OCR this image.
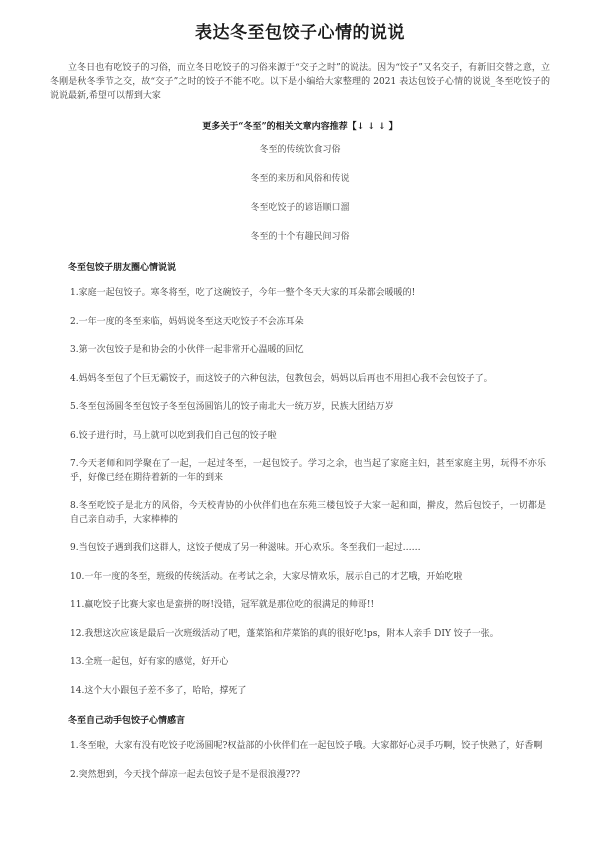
表达冬至包饺子心情的说说

立冬日也有吃饺子的习俗，而立冬日吃饺子的习俗来源于“交子之时”的说法。因为“饺子”又名交子，有新旧交替之意，立冬刚是秋冬季节之交，故“交子”之时的饺子不能不吃。以下是小编给大家整理的 2021 表达包饺子心情的说说_冬至吃饺子的说说最新,希望可以帮到大家

更多关于“冬至”的相关文章内容推荐【↓ ↓ ↓ 】

冬至的传统饮食习俗
冬至的来历和风俗和传说
冬至吃饺子的谚语顺口溜
冬至的十个有趣民间习俗
冬至包饺子朋友圈心情说说
1.家庭一起包饺子。寒冬将至，吃了这碗饺子，今年一整个冬天大家的耳朵都会暖暖的!
2.一年一度的冬至来临，妈妈说冬至这天吃饺子不会冻耳朵
3.第一次包饺子是和协会的小伙伴一起非常开心温暖的回忆
4.妈妈冬至包了个巨无霸饺子，而这饺子的六种包法，包教包会，妈妈以后再也不用担心我不会包饺子了。
5.冬至包汤圆冬至包饺子冬至包汤圆馅儿的饺子南北大一统万岁，民族大团结万岁
6.饺子进行时，马上就可以吃到我们自己包的饺子啦
7.今天老师和同学聚在了一起，一起过冬至，一起包饺子。学习之余，也当起了家庭主妇，甚至家庭主男，玩得不亦乐乎，好像已经在期待着新的一年的到来
8.冬至吃饺子是北方的风俗，今天校青协的小伙伴们也在东苑三楼包饺子大家一起和面，擀皮，然后包饺子，一切都是自己亲自动手，大家棒棒的
9.当包饺子遇到我们这群人，这饺子便成了另一种滋味。开心欢乐。冬至我们一起过……
10.一年一度的冬至，班级的传统活动。在考试之余，大家尽情欢乐，展示自己的才艺哦，开始吃啦
11.赢吃饺子比赛大家也是蛮拼的呀!没错，冠军就是那位吃的很满足的帅哥!!
12.我想这次应该是最后一次班级活动了吧，蓬菜馅和芹菜馅的真的很好吃!ps，附本人亲手 DIY 饺子一张。
13.全班一起包，好有家的感觉，好开心
14.这个大小跟包子差不多了，哈哈，撑死了
冬至自己动手包饺子心情感言
1.冬至啦，大家有没有吃饺子吃汤圆呢?权益部的小伙伴们在一起包饺子哦。大家都好心灵手巧啊，饺子快熟了，好香啊
2.突然想到，今天找个薛凉一起去包饺子是不是很浪漫???
